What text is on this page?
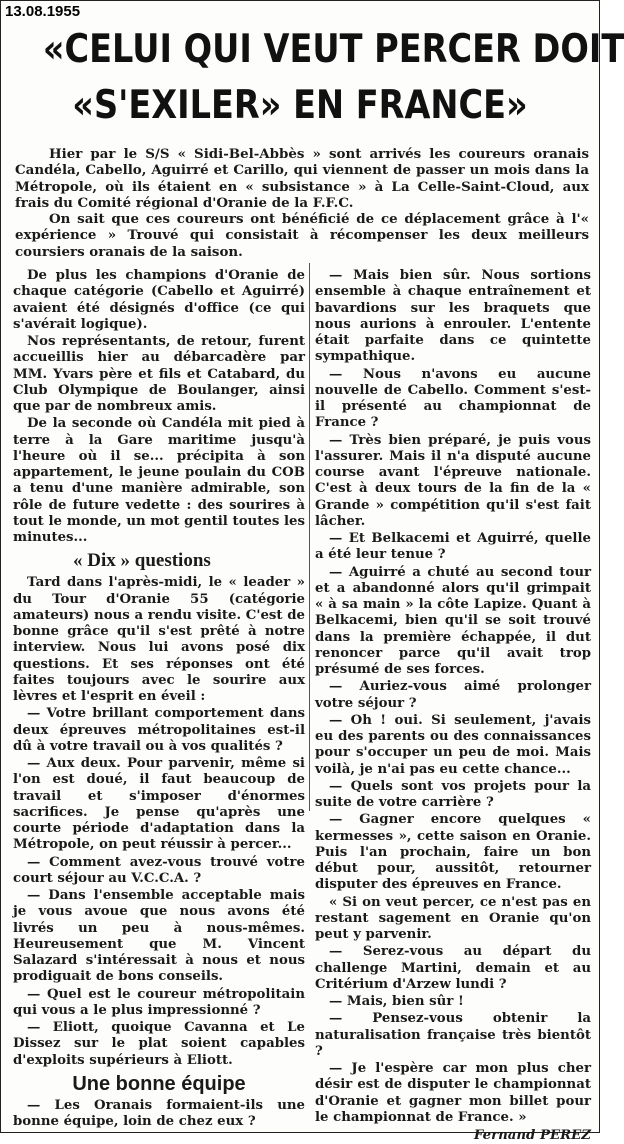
13.08.1955
«CELUI QUI VEUT PERCER DOIT
«S'EXILER» EN FRANCE»

Hier par le S/S « Sidi-Bel-Abbès » sont arrivés les coureurs oranais Candéla, Cabello, Aguirré et Carillo, qui viennent de passer un mois dans la Métropole, où ils étaient en « subsistance » à La Celle-Saint-Cloud, aux frais du Comité régional d'Oranie de la F.F.C.

On sait que ces coureurs ont bénéficié de ce déplacement grâce à l'« expérience » Trouvé qui consistait à récompenser les deux meilleurs coursiers oranais de la saison.

De plus les champions d'Oranie de chaque catégorie (Cabello et Aguirré) avaient été désignés d'office (ce qui s'avérait logique).

Nos représentants, de retour, furent accueillis hier au débarcadère par MM. Yvars père et fils et Catabard, du Club Olympique de Boulanger, ainsi que par de nombreux amis.

De la seconde où Candéla mit pied à terre à la Gare maritime jusqu'à l'heure où il se... précipita à son appartement, le jeune poulain du COB a tenu d'une manière admirable, son rôle de future vedette : des sourires à tout le monde, un mot gentil toutes les minutes...

« Dix » questions

Tard dans l'après-midi, le « leader » du Tour d'Oranie 55 (catégorie amateurs) nous a rendu visite. C'est de bonne grâce qu'il s'est prêté à notre interview. Nous lui avons posé dix questions. Et ses réponses ont été faites toujours avec le sourire aux lèvres et l'esprit en éveil :

— Votre brillant comportement dans deux épreuves métropolitaines est-il dû à votre travail ou à vos qualités ?

— Aux deux. Pour parvenir, même si l'on est doué, il faut beaucoup de travail et s'imposer d'énormes sacrifices. Je pense qu'après une courte période d'adaptation dans la Métropole, on peut réussir à percer...

— Comment avez-vous trouvé votre court séjour au V.C.C.A. ?

— Dans l'ensemble acceptable mais je vous avoue que nous avons été livrés un peu à nous-mêmes. Heureusement que M. Vincent Salazard s'intéressait à nous et nous prodiguait de bons conseils.

— Quel est le coureur métropolitain qui vous a le plus impressionné ?

— Eliott, quoique Cavanna et Le Dissez sur le plat soient capables d'exploits supérieurs à Eliott.

Une bonne équipe

— Les Oranais formaient-ils une bonne équipe, loin de chez eux ?

— Mais bien sûr. Nous sortions ensemble à chaque entraînement et bavardions sur les braquets que nous aurions à enrouler. L'entente était parfaite dans ce quintette sympathique.

— Nous n'avons eu aucune nouvelle de Cabello. Comment s'est-il présenté au championnat de France ?

— Très bien préparé, je puis vous l'assurer. Mais il n'a disputé aucune course avant l'épreuve nationale. C'est à deux tours de la fin de la « Grande » compétition qu'il s'est fait lâcher.

— Et Belkacemi et Aguirré, quelle a été leur tenue ?

— Aguirré a chuté au second tour et a abandonné alors qu'il grimpait « à sa main » la côte Lapize. Quant à Belkacemi, bien qu'il se soit trouvé dans la première échappée, il dut renoncer parce qu'il avait trop présumé de ses forces.

— Auriez-vous aimé prolonger votre séjour ?

— Oh ! oui. Si seulement, j'avais eu des parents ou des connaissances pour s'occuper un peu de moi. Mais voilà, je n'ai pas eu cette chance...

— Quels sont vos projets pour la suite de votre carrière ?

— Gagner encore quelques « kermesses », cette saison en Oranie. Puis l'an prochain, faire un bon début pour, aussitôt, retourner disputer des épreuves en France.

« Si on veut percer, ce n'est pas en restant sagement en Oranie qu'on peut y parvenir.

— Serez-vous au départ du challenge Martini, demain et au Critérium d'Arzew lundi ?

— Mais, bien sûr !

— Pensez-vous obtenir la naturalisation française très bientôt ?

— Je l'espère car mon plus cher désir est de disputer le championnat d'Oranie et gagner mon billet pour le championnat de France. »

Fernand PEREZ
